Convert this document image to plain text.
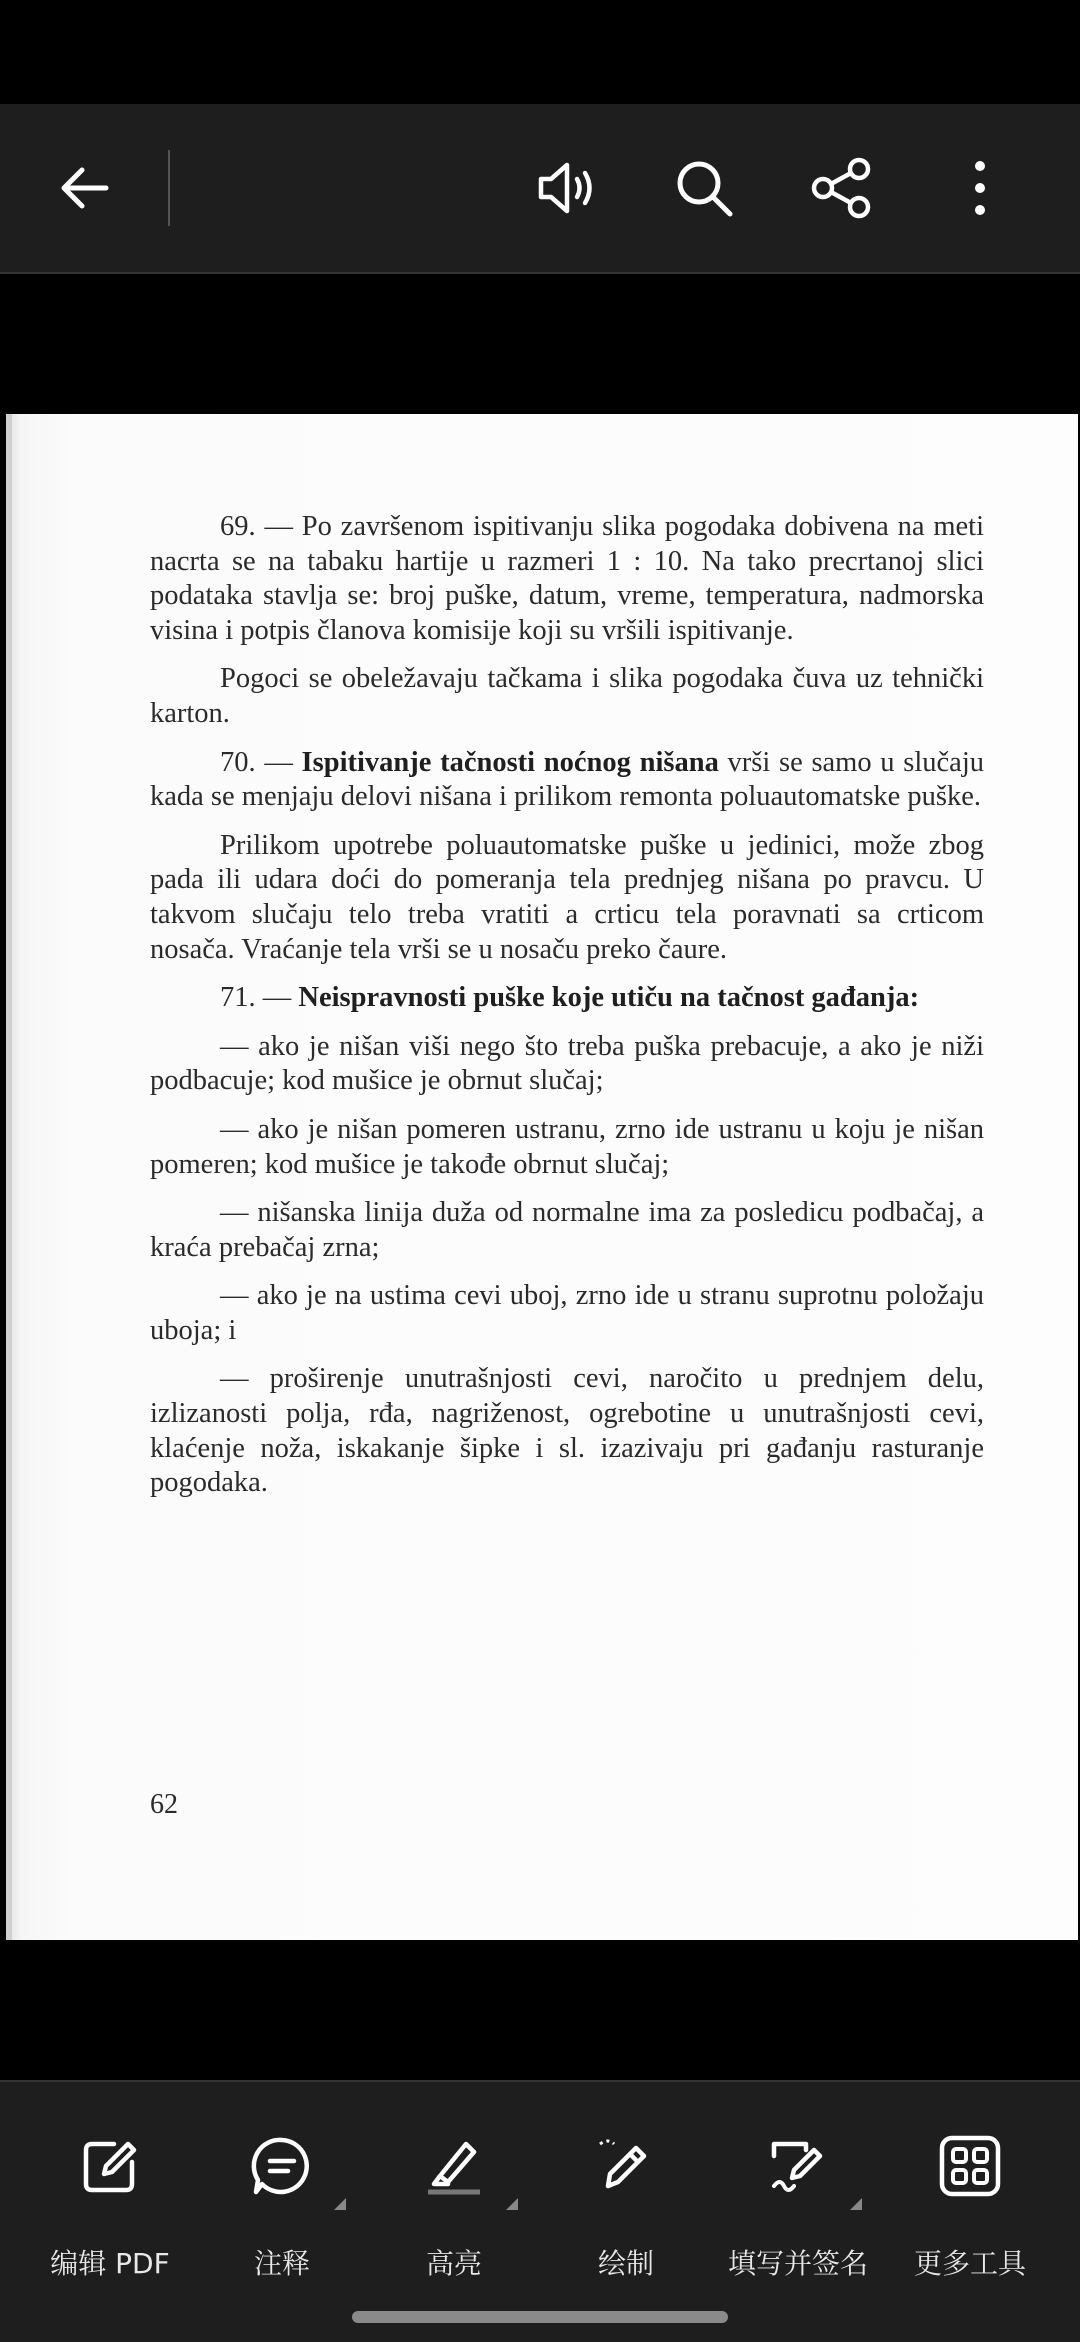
69. — Po završenom ispitivanju slika pogodaka dobivena na meti nacrta se na tabaku hartije u razmeri 1 : 10. Na tako precrtanoj slici podataka stavlja se: broj puške, datum, vreme, temperatura, nadmorska visina i potpis članova komisije koji su vršili ispitivanje.

Pogoci se obeležavaju tačkama i slika pogodaka čuva uz tehnički karton.

70. — Ispitivanje tačnosti noćnog nišana vrši se samo u slučaju kada se menjaju delovi nišana i prilikom remonta poluautomatske puške.

Prilikom upotrebe poluautomatske puške u jedinici, može zbog pada ili udara doći do pomeranja tela prednjeg nišana po pravcu. U takvom slučaju telo treba vratiti a crticu tela poravnati sa crticom nosača. Vraćanje tela vrši se u nosaču preko čaure.

71. — Neispravnosti puške koje utiču na tačnost gađanja:

— ako je nišan viši nego što treba puška prebacuje, a ako je niži podbacuje; kod mušice je obrnut slučaj;

— ako je nišan pomeren ustranu, zrno ide ustranu u koju je nišan pomeren; kod mušice je takođe obrnut slučaj;

— nišanska linija duža od normalne ima za posledicu podbačaj, a kraća prebačaj zrna;

— ako je na ustima cevi uboj, zrno ide u stranu suprotnu položaju uboja; i

— proširenje unutrašnjosti cevi, naročito u prednjem delu, izlizanosti polja, rđa, nagriženost, ogrebotine u unutrašnjosti cevi, klaćenje noža, iskakanje šipke i sl. izazivaju pri gađanju rasturanje pogodaka.

62
编辑 PDF	注释	高亮	绘制	填写并签名	更多工具
